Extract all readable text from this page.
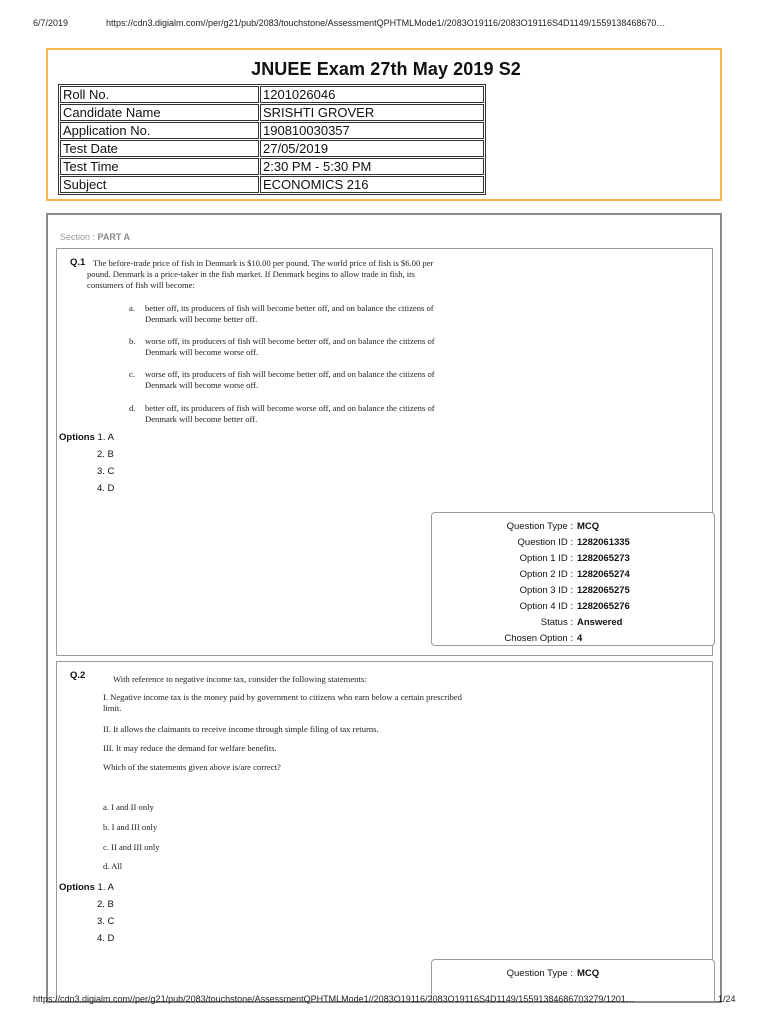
6/7/2019	https://cdn3.digialm.com//per/g21/pub/2083/touchstone/AssessmentQPHTMLMode1//2083O19116/2083O19116S4D1149/1559138468670…
JNUEE Exam 27th May 2019 S2
Roll No.	1201026046
Candidate Name	SRISHTI GROVER
Application No.	190810030357
Test Date	27/05/2019
Test Time	2:30 PM - 5:30 PM
Subject	ECONOMICS 216
Section : PART A
Q.1 The before-trade price of fish in Denmark is $10.00 per pound. The world price of fish is $6.00 per
pound. Denmark is a price-taker in the fish market. If Denmark begins to allow trade in fish, its
consumers of fish will become:
a. better off, its producers of fish will become better off, and on balance the citizens of
Denmark will become better off.
b. worse off, its producers of fish will become better off, and on balance the citizens of
Denmark will become worse off.
c. worse off, its producers of fish will become better off, and on balance the citizens of
Denmark will become worse off.
d. better off, its producers of fish will become worse off, and on balance the citizens of
Denmark will become better off.
Options 1. A
2. B
3. C
4. D
Question Type : MCQ
Question ID : 1282061335
Option 1 ID : 1282065273
Option 2 ID : 1282065274
Option 3 ID : 1282065275
Option 4 ID : 1282065276
Status : Answered
Chosen Option : 4
Q.2	With reference to negative income tax, consider the following statements:
I. Negative income tax is the money paid by government to citizens who earn below a certain prescribed
limit.
II. It allows the claimants to receive income through simple filing of tax returns.
III. It may reduce the demand for welfare benefits.
Which of the statements given above is/are correct?
a. I and II only
b. I and III only
c. II and III only
d. All
Options 1. A
2. B
3. C
4. D
Question Type : MCQ
https://cdn3.digialm.com//per/g21/pub/2083/touchstone/AssessmentQPHTMLMode1//2083O19116/2083O19116S4D1149/15591384686703279/1201…	1/24
